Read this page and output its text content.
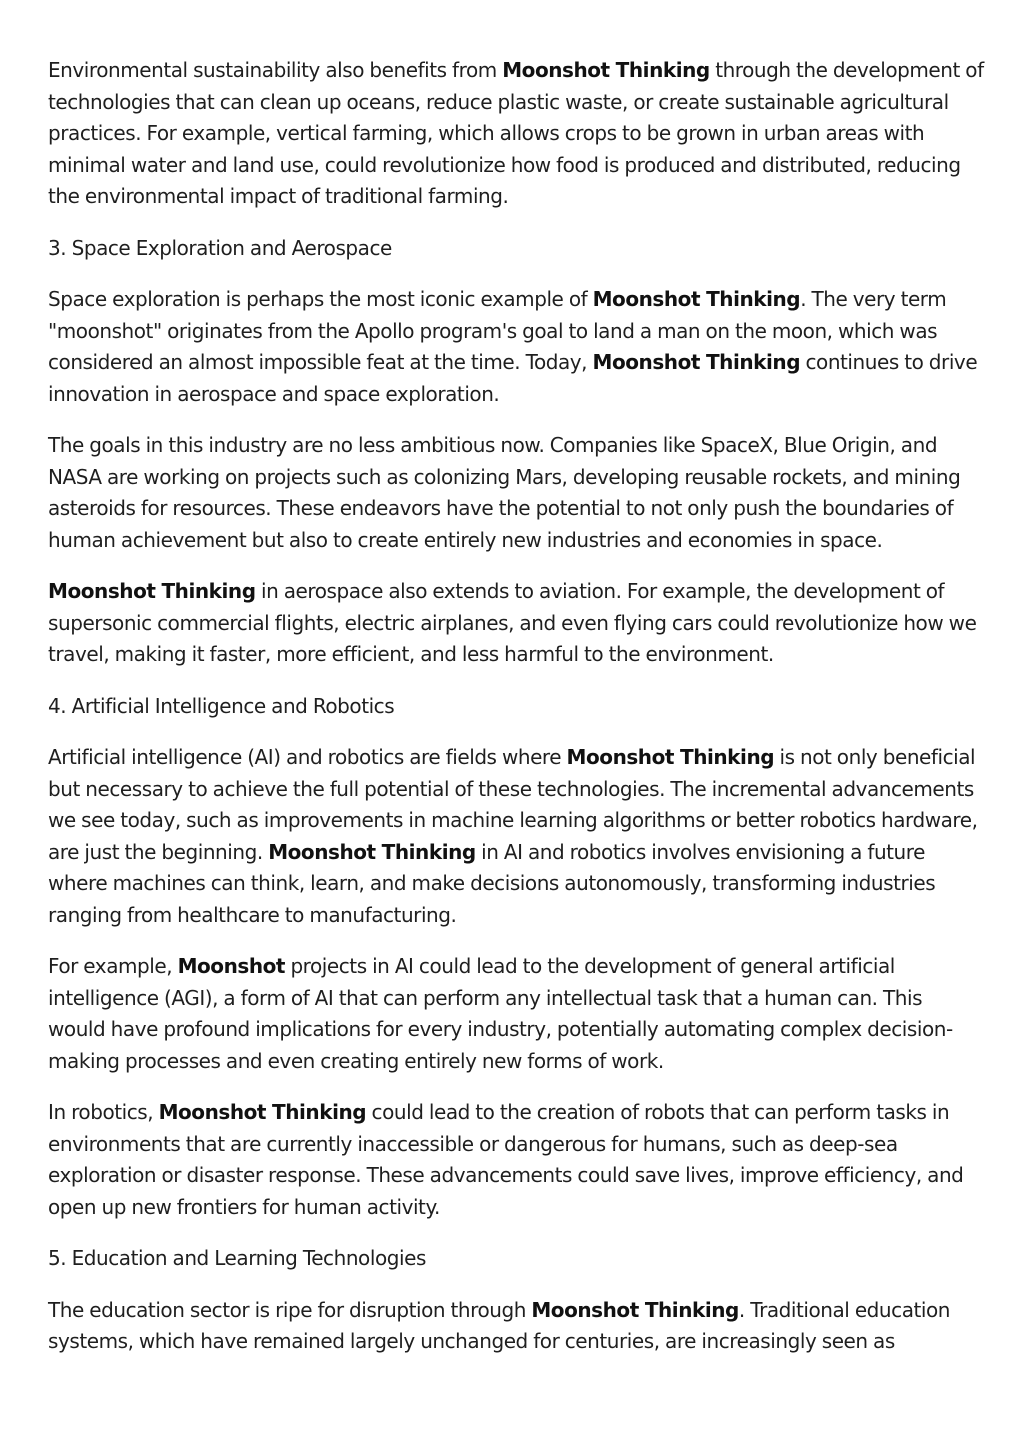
Environmental sustainability also benefits from Moonshot Thinking through the development of technologies that can clean up oceans, reduce plastic waste, or create sustainable agricultural practices. For example, vertical farming, which allows crops to be grown in urban areas with minimal water and land use, could revolutionize how food is produced and distributed, reducing the environmental impact of traditional farming.

3. Space Exploration and Aerospace

Space exploration is perhaps the most iconic example of Moonshot Thinking. The very term "moonshot" originates from the Apollo program's goal to land a man on the moon, which was considered an almost impossible feat at the time. Today, Moonshot Thinking continues to drive innovation in aerospace and space exploration.

The goals in this industry are no less ambitious now. Companies like SpaceX, Blue Origin, and NASA are working on projects such as colonizing Mars, developing reusable rockets, and mining asteroids for resources. These endeavors have the potential to not only push the boundaries of human achievement but also to create entirely new industries and economies in space.

Moonshot Thinking in aerospace also extends to aviation. For example, the development of supersonic commercial flights, electric airplanes, and even flying cars could revolutionize how we travel, making it faster, more efficient, and less harmful to the environment.

4. Artificial Intelligence and Robotics

Artificial intelligence (AI) and robotics are fields where Moonshot Thinking is not only beneficial but necessary to achieve the full potential of these technologies. The incremental advancements we see today, such as improvements in machine learning algorithms or better robotics hardware, are just the beginning. Moonshot Thinking in AI and robotics involves envisioning a future where machines can think, learn, and make decisions autonomously, transforming industries ranging from healthcare to manufacturing.

For example, Moonshot projects in AI could lead to the development of general artificial intelligence (AGI), a form of AI that can perform any intellectual task that a human can. This would have profound implications for every industry, potentially automating complex decision-making processes and even creating entirely new forms of work.

In robotics, Moonshot Thinking could lead to the creation of robots that can perform tasks in environments that are currently inaccessible or dangerous for humans, such as deep-sea exploration or disaster response. These advancements could save lives, improve efficiency, and open up new frontiers for human activity.

5. Education and Learning Technologies

The education sector is ripe for disruption through Moonshot Thinking. Traditional education systems, which have remained largely unchanged for centuries, are increasingly seen as
